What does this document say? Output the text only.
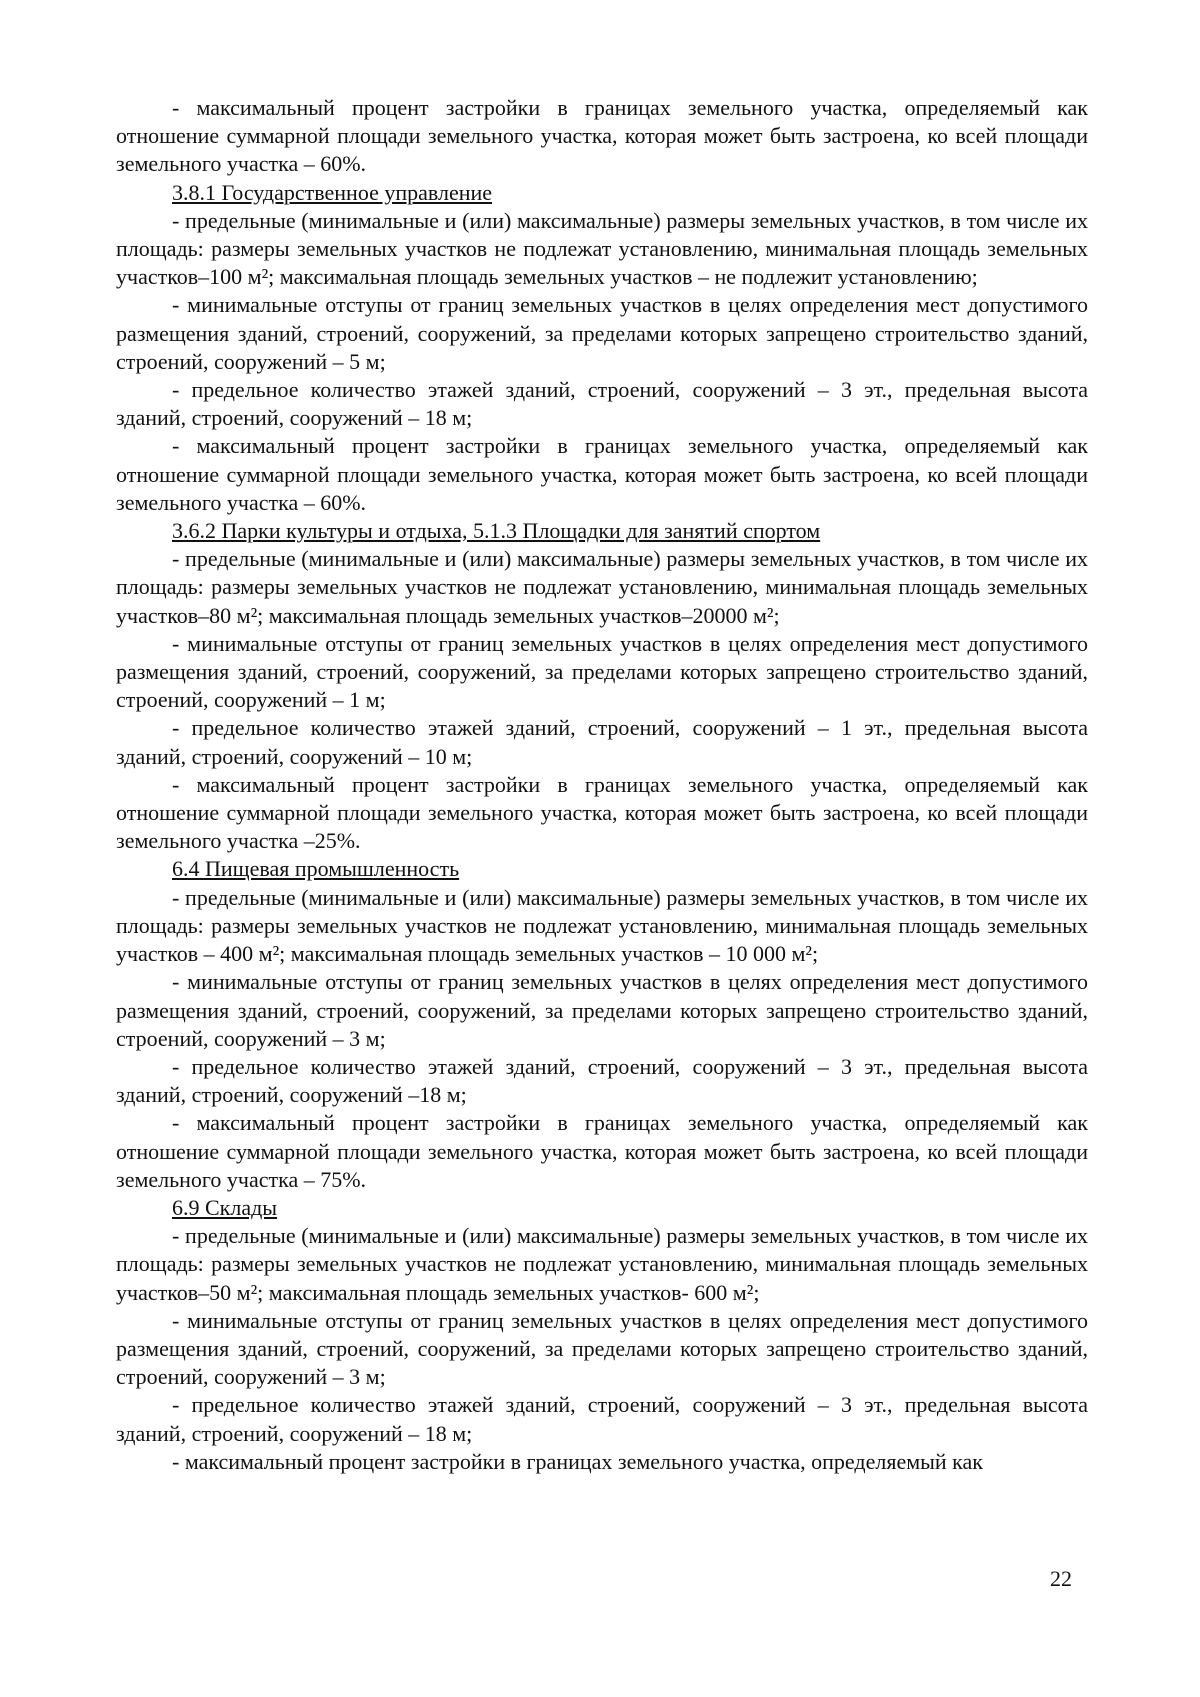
- максимальный процент застройки в границах земельного участка, определяемый как отношение суммарной площади земельного участка, которая может быть застроена, ко всей площади земельного участка – 60%.

3.8.1 Государственное управление

- предельные (минимальные и (или) максимальные) размеры земельных участков, в том числе их площадь: размеры земельных участков не подлежат установлению, минимальная площадь земельных участков–100 м²; максимальная площадь земельных участков – не подлежит установлению;

- минимальные отступы от границ земельных участков в целях определения мест допустимого размещения зданий, строений, сооружений, за пределами которых запрещено строительство зданий, строений, сооружений – 5 м;

- предельное количество этажей зданий, строений, сооружений – 3 эт., предельная высота зданий, строений, сооружений – 18 м;

- максимальный процент застройки в границах земельного участка, определяемый как отношение суммарной площади земельного участка, которая может быть застроена, ко всей площади земельного участка – 60%.

3.6.2 Парки культуры и отдыха, 5.1.3 Площадки для занятий спортом

- предельные (минимальные и (или) максимальные) размеры земельных участков, в том числе их площадь: размеры земельных участков не подлежат установлению, минимальная площадь земельных участков–80 м²; максимальная площадь земельных участков–20000 м²;

- минимальные отступы от границ земельных участков в целях определения мест допустимого размещения зданий, строений, сооружений, за пределами которых запрещено строительство зданий, строений, сооружений – 1 м;

- предельное количество этажей зданий, строений, сооружений – 1 эт., предельная высота зданий, строений, сооружений – 10 м;

- максимальный процент застройки в границах земельного участка, определяемый как отношение суммарной площади земельного участка, которая может быть застроена, ко всей площади земельного участка –25%.

6.4 Пищевая промышленность

- предельные (минимальные и (или) максимальные) размеры земельных участков, в том числе их площадь: размеры земельных участков не подлежат установлению, минимальная площадь земельных участков – 400 м²; максимальная площадь земельных участков – 10 000 м²;

- минимальные отступы от границ земельных участков в целях определения мест допустимого размещения зданий, строений, сооружений, за пределами которых запрещено строительство зданий, строений, сооружений – 3 м;

- предельное количество этажей зданий, строений, сооружений – 3 эт., предельная высота зданий, строений, сооружений –18 м;

- максимальный процент застройки в границах земельного участка, определяемый как отношение суммарной площади земельного участка, которая может быть застроена, ко всей площади земельного участка – 75%.

6.9 Склады

- предельные (минимальные и (или) максимальные) размеры земельных участков, в том числе их площадь: размеры земельных участков не подлежат установлению, минимальная площадь земельных участков–50 м²; максимальная площадь земельных участков- 600 м²;

- минимальные отступы от границ земельных участков в целях определения мест допустимого размещения зданий, строений, сооружений, за пределами которых запрещено строительство зданий, строений, сооружений – 3 м;

- предельное количество этажей зданий, строений, сооружений – 3 эт., предельная высота зданий, строений, сооружений – 18 м;

- максимальный процент застройки в границах земельного участка, определяемый как

22
